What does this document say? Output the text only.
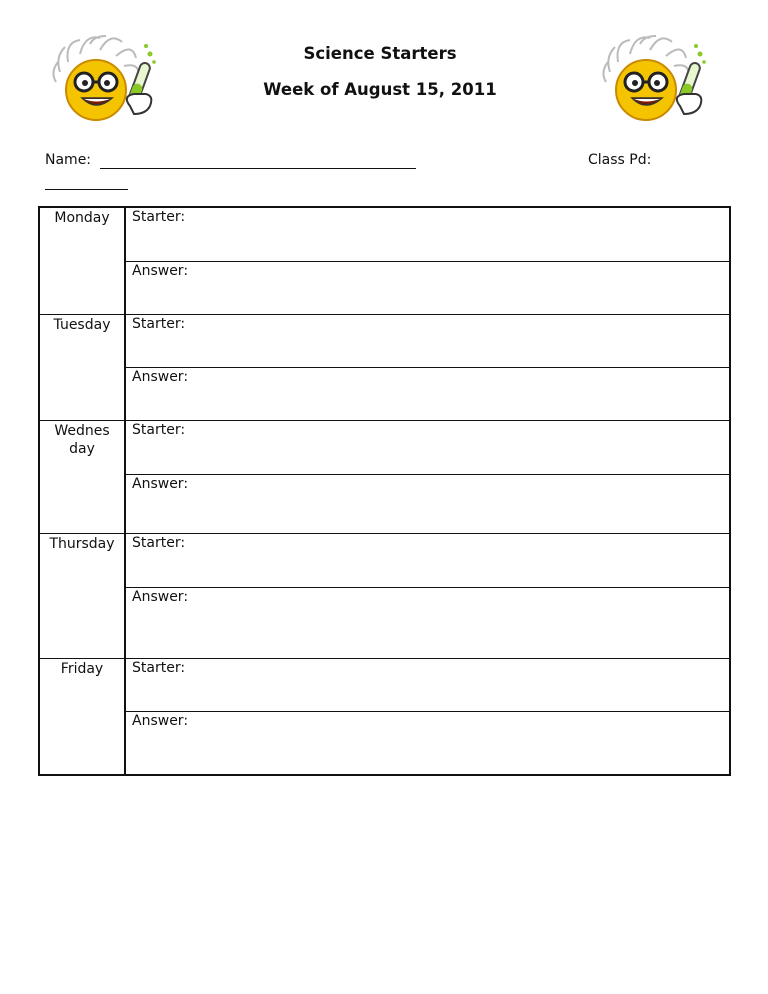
Science Starters
Week of August 15, 2011
Name:	Class Pd:
Monday	Starter:
	Answer:
Tuesday	Starter:
	Answer:
Wednesday	Starter:
	Answer:
Thursday	Starter:
	Answer:
Friday	Starter:
	Answer:
